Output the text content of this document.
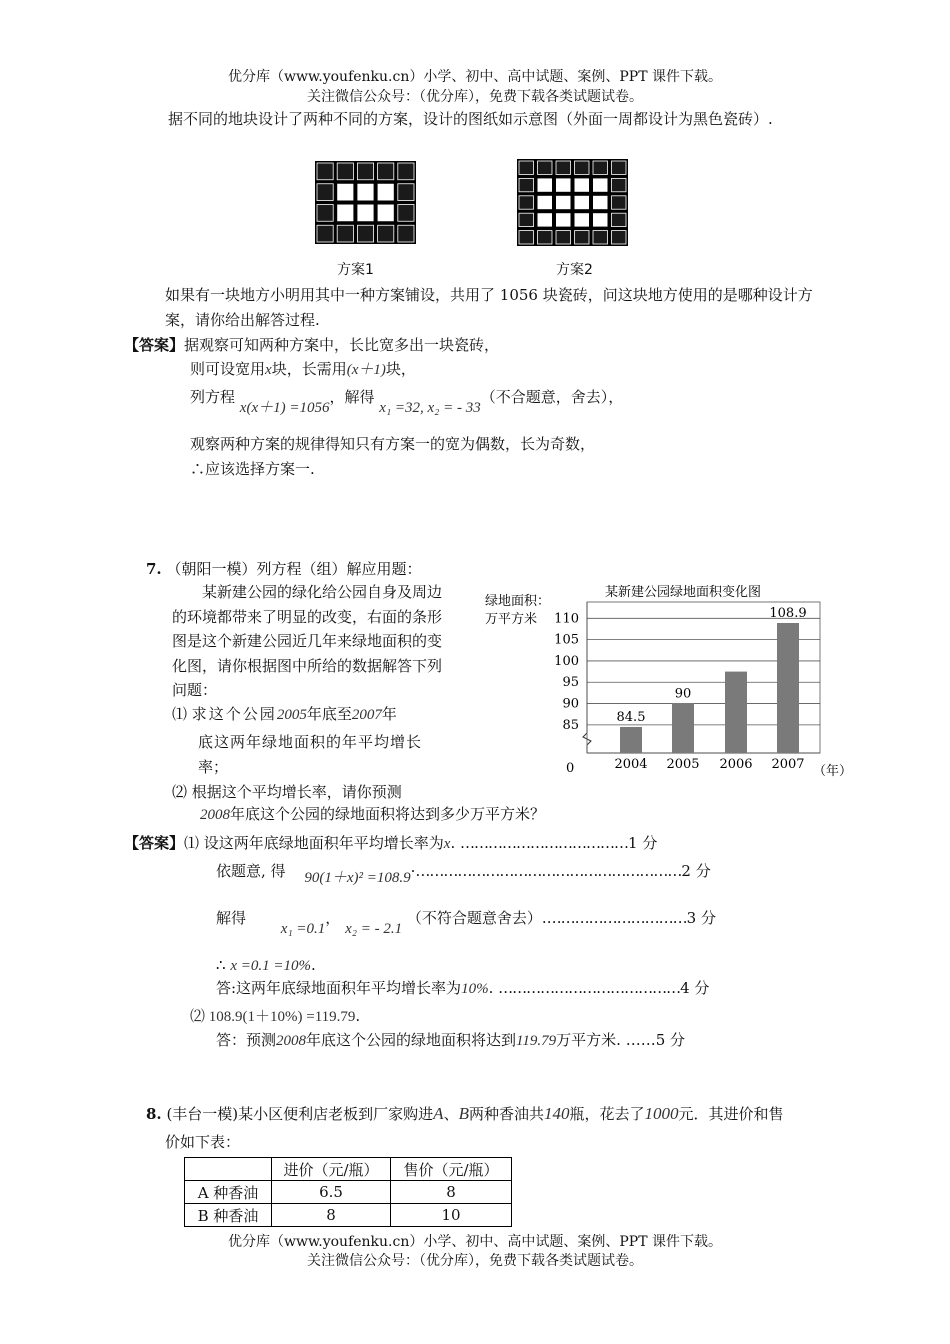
优分库（www.youfenku.cn）小学、初中、高中试题、案例、PPT 课件下载。
关注微信公众号：（优分库），免费下载各类试题试卷。
据不同的地块设计了两种不同的方案，设计的图纸如示意图（外面一周都设计为黑色瓷砖）.
方案1	方案2
如果有一块地方小明用其中一种方案铺设，共用了 1056 块瓷砖，问这块地方使用的是哪种设计方
案，请你给出解答过程.
【答案】据观察可知两种方案中，长比宽多出一块瓷砖，
则可设宽用x块，长需用(x＋1)块，
列方程 x(x＋1) =1056，解得 x₁ =32, x₂ = - 33（不合题意，舍去），
观察两种方案的规律得知只有方案一的宽为偶数，长为奇数，
∴应该选择方案一.
7. （朝阳一模）列方程（组）解应用题：
某新建公园的绿化给公园自身及周边的环境都带来了明显的改变，右面的条形图是这个新建公园近几年来绿地面积的变化图，请你根据图中所给的数据解答下列问题：
⑴ 求这个公园2005年底至2007年
底这两年绿地面积的年平均增长
率；
⑵ 根据这个平均增长率，请你预测
2008年底这个公园的绿地面积将达到多少万平方米？
某新建公园绿地面积变化图
绿地面积：
万平方米
0	（年）
110
105
100
95
90
85
2004
84.5
2005
90
2006 2007
108.9
【答案】⑴ 设这两年底绿地面积年平均增长率为x. ………………………………1 分
依题意, 得 90(1＋x)² =108.9·…………………………………………………2 分
解得 x₁ =0.1， x₂ = - 2.1 （不符合题意舍去）.…………………………3 分
∴ x =0.1 =10%.
答:这两年底绿地面积年平均增长率为10%. …………………………………4 分
⑵ 108.9(1＋10%) =119.79.
答：预测2008年底这个公园的绿地面积将达到119.79万平方米. ……5 分
8. (丰台一模)某小区便利店老板到厂家购进A、B两种香油共140瓶，花去了1000元．其进价和售
价如下表：
	进价（元/瓶）	售价（元/瓶）
A 种香油	6.5	8
B 种香油	8	10
优分库（www.youfenku.cn）小学、初中、高中试题、案例、PPT 课件下载。
关注微信公众号：（优分库），免费下载各类试题试卷。
